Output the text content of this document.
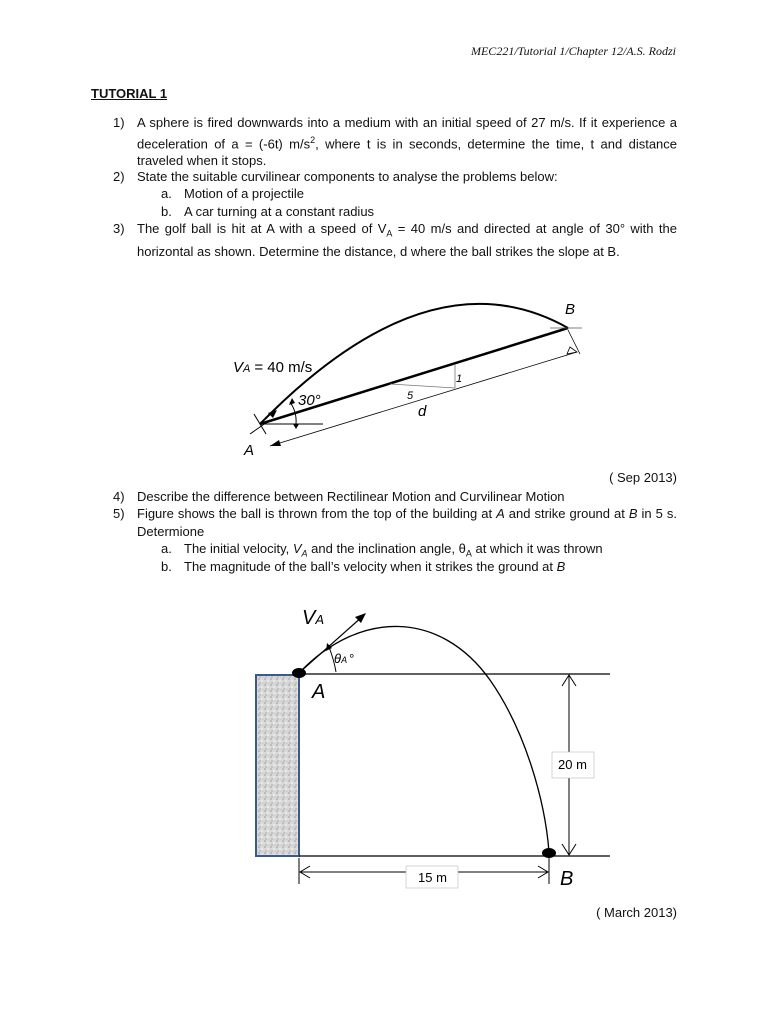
MEC221/Tutorial 1/Chapter 12/A.S. Rodzi
TUTORIAL 1
1) A sphere is fired downwards into a medium with an initial speed of 27 m/s. If it experience a deceleration of a = (-6t) $m/s^2$, where t is in seconds, determine the time, t and distance traveled when it stops.
2) State the suitable curvilinear components to analyse the problems below:
a. Motion of a projectile
b. A car turning at a constant radius
3) The golf ball is hit at A with a speed of $V_A = 40$ m/s and directed at angle of 30° with the horizontal as shown. Determine the distance, d where the ball strikes the slope at B.
VA = 40 m/s
30°
A
B
5
1
d
( Sep 2013)
4) Describe the difference between Rectilinear Motion and Curvilinear Motion
5) Figure shows the ball is thrown from the top of the building at A and strike ground at B in 5 s. Determione
a. The initial velocity, $V_A$ and the inclination angle, $\theta_A$ at which it was thrown
b. The magnitude of the ball’s velocity when it strikes the ground at B
VA
θA °
A
B
20 m
15 m
( March 2013)
